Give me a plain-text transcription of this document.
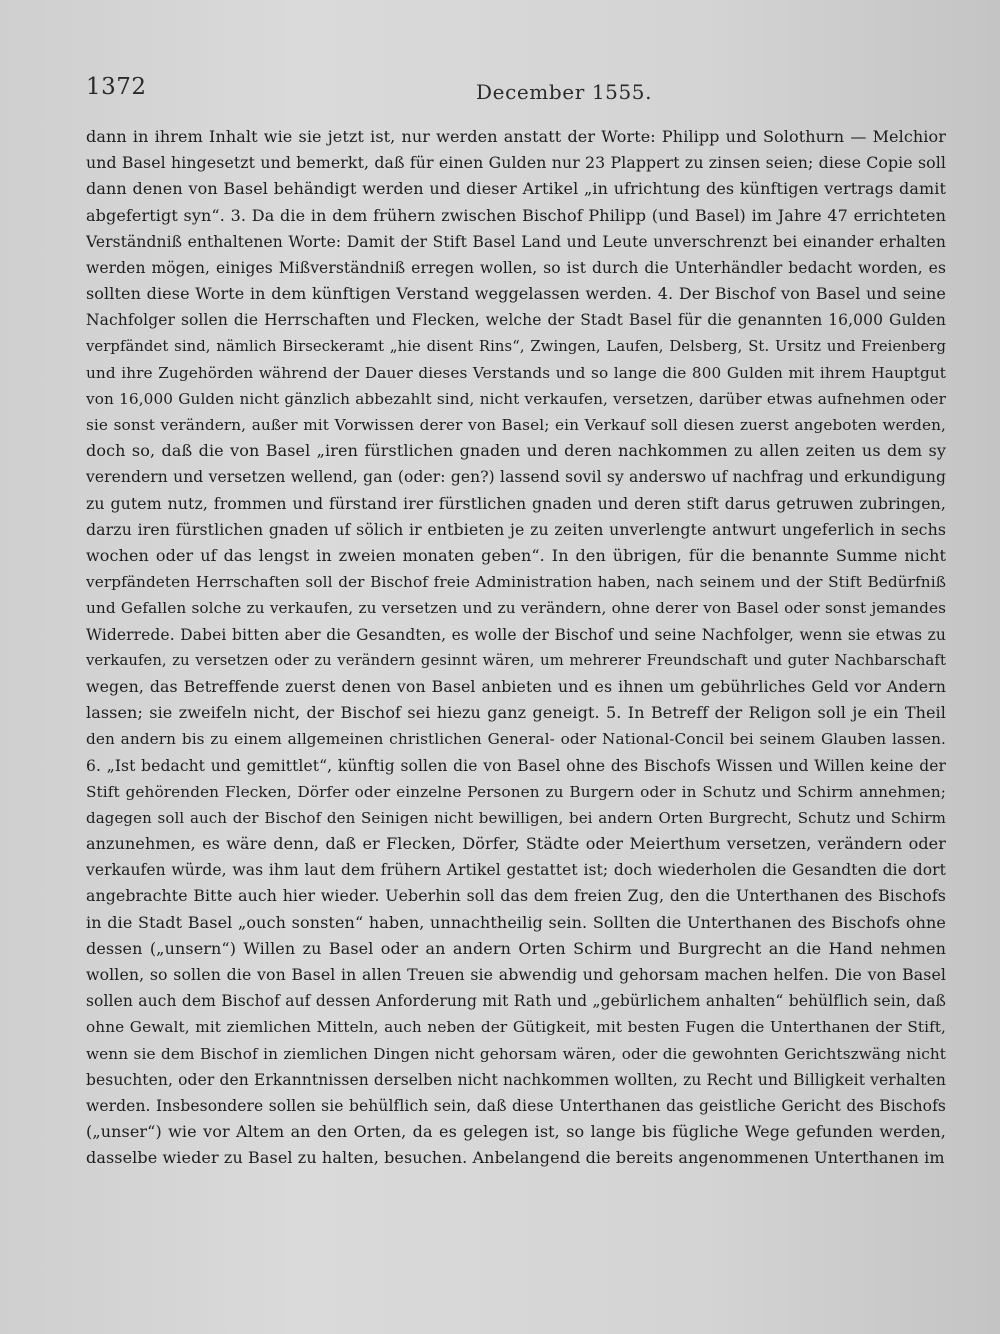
1372	December 1555.
dann in ihrem Inhalt wie sie jetzt ist, nur werden anstatt der Worte: Philipp und Solothurn — Melchior
und Basel hingesetzt und bemerkt, daß für einen Gulden nur 23 Plappert zu zinsen seien; diese Copie soll
dann denen von Basel behändigt werden und dieser Artikel „in ufrichtung des künftigen vertrags damit
abgefertigt syn“. 3. Da die in dem frühern zwischen Bischof Philipp (und Basel) im Jahre 47 errichteten
Verständniß enthaltenen Worte: Damit der Stift Basel Land und Leute unverschrenzt bei einander erhalten
werden mögen, einiges Mißverständniß erregen wollen, so ist durch die Unterhändler bedacht worden, es
sollten diese Worte in dem künftigen Verstand weggelassen werden. 4. Der Bischof von Basel und seine
Nachfolger sollen die Herrschaften und Flecken, welche der Stadt Basel für die genannten 16,000 Gulden
verpfändet sind, nämlich Birseckeramt „hie disent Rins“, Zwingen, Laufen, Delsberg, St. Ursitz und Freienberg
und ihre Zugehörden während der Dauer dieses Verstands und so lange die 800 Gulden mit ihrem Hauptgut
von 16,000 Gulden nicht gänzlich abbezahlt sind, nicht verkaufen, versetzen, darüber etwas aufnehmen oder
sie sonst verändern, außer mit Vorwissen derer von Basel; ein Verkauf soll diesen zuerst angeboten werden,
doch so, daß die von Basel „iren fürstlichen gnaden und deren nachkommen zu allen zeiten us dem sy
verendern und versetzen wellend, gan (oder: gen?) lassend sovil sy anderswo uf nachfrag und erkundigung
zu gutem nutz, frommen und fürstand irer fürstlichen gnaden und deren stift darus getruwen zubringen,
darzu iren fürstlichen gnaden uf sölich ir entbieten je zu zeiten unverlengte antwurt ungeferlich in sechs
wochen oder uf das lengst in zweien monaten geben“. In den übrigen, für die benannte Summe nicht
verpfändeten Herrschaften soll der Bischof freie Administration haben, nach seinem und der Stift Bedürfniß
und Gefallen solche zu verkaufen, zu versetzen und zu verändern, ohne derer von Basel oder sonst jemandes
Widerrede. Dabei bitten aber die Gesandten, es wolle der Bischof und seine Nachfolger, wenn sie etwas zu
verkaufen, zu versetzen oder zu verändern gesinnt wären, um mehrerer Freundschaft und guter Nachbarschaft
wegen, das Betreffende zuerst denen von Basel anbieten und es ihnen um gebührliches Geld vor Andern
lassen; sie zweifeln nicht, der Bischof sei hiezu ganz geneigt. 5. In Betreff der Religon soll je ein Theil
den andern bis zu einem allgemeinen christlichen General- oder National-Concil bei seinem Glauben lassen.
6. „Ist bedacht und gemittlet“, künftig sollen die von Basel ohne des Bischofs Wissen und Willen keine der
Stift gehörenden Flecken, Dörfer oder einzelne Personen zu Burgern oder in Schutz und Schirm annehmen;
dagegen soll auch der Bischof den Seinigen nicht bewilligen, bei andern Orten Burgrecht, Schutz und Schirm
anzunehmen, es wäre denn, daß er Flecken, Dörfer, Städte oder Meierthum versetzen, verändern oder
verkaufen würde, was ihm laut dem frühern Artikel gestattet ist; doch wiederholen die Gesandten die dort
angebrachte Bitte auch hier wieder. Ueberhin soll das dem freien Zug, den die Unterthanen des Bischofs
in die Stadt Basel „ouch sonsten“ haben, unnachtheilig sein. Sollten die Unterthanen des Bischofs ohne
dessen („unsern“) Willen zu Basel oder an andern Orten Schirm und Burgrecht an die Hand nehmen
wollen, so sollen die von Basel in allen Treuen sie abwendig und gehorsam machen helfen. Die von Basel
sollen auch dem Bischof auf dessen Anforderung mit Rath und „gebürlichem anhalten“ behülflich sein, daß
ohne Gewalt, mit ziemlichen Mitteln, auch neben der Gütigkeit, mit besten Fugen die Unterthanen der Stift,
wenn sie dem Bischof in ziemlichen Dingen nicht gehorsam wären, oder die gewohnten Gerichtszwäng nicht
besuchten, oder den Erkanntnissen derselben nicht nachkommen wollten, zu Recht und Billigkeit verhalten
werden. Insbesondere sollen sie behülflich sein, daß diese Unterthanen das geistliche Gericht des Bischofs
(„unser“) wie vor Altem an den Orten, da es gelegen ist, so lange bis fügliche Wege gefunden werden,
dasselbe wieder zu Basel zu halten, besuchen. Anbelangend die bereits angenommenen Unterthanen im
